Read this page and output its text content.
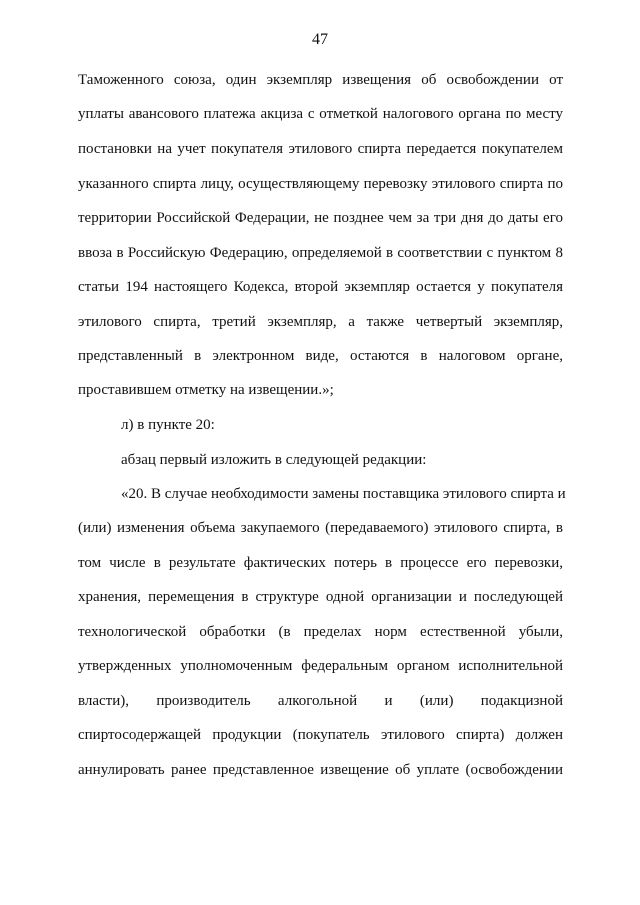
47
Таможенного союза, один экземпляр извещения об освобождении от
уплаты авансового платежа акциза с отметкой налогового органа по месту
постановки на учет покупателя этилового спирта передается покупателем
указанного спирта лицу, осуществляющему перевозку этилового спирта по
территории Российской Федерации, не позднее чем за три дня до даты его
ввоза в Российскую Федерацию, определяемой в соответствии с пунктом 8
статьи 194 настоящего Кодекса, второй экземпляр остается у покупателя
этилового спирта, третий экземпляр, а также четвертый экземпляр,
представленный в электронном виде, остаются в налоговом органе,
проставившем отметку на извещении.»;
л) в пункте 20:
абзац первый изложить в следующей редакции:
«20. В случае необходимости замены поставщика этилового спирта и
(или) изменения объема закупаемого (передаваемого) этилового спирта, в
том числе в результате фактических потерь в процессе его перевозки,
хранения, перемещения в структуре одной организации и последующей
технологической обработки (в пределах норм естественной убыли,
утвержденных уполномоченным федеральным органом исполнительной
власти), производитель алкогольной и (или) подакцизной
спиртосодержащей продукции (покупатель этилового спирта) должен
аннулировать ранее представленное извещение об уплате (освобождении
